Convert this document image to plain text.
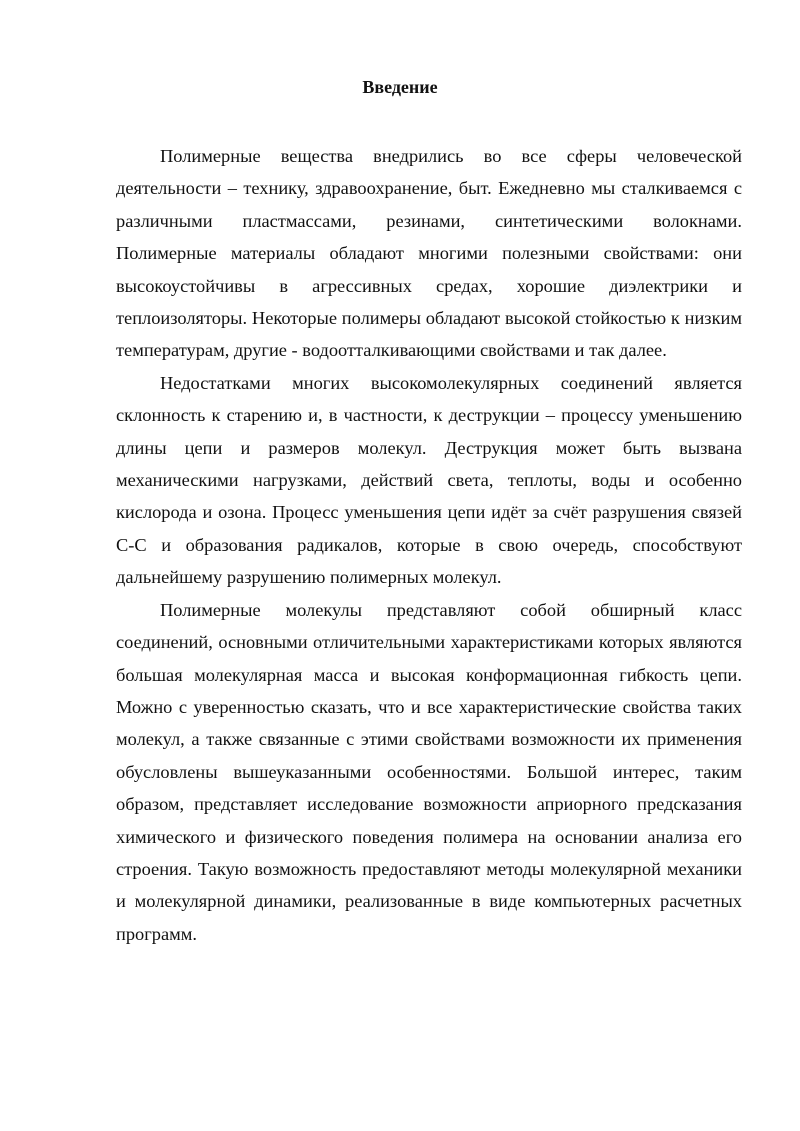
Введение

Полимерные вещества внедрились во все сферы человеческой деятельности – технику, здравоохранение, быт. Ежедневно мы сталкиваемся с различными пластмассами, резинами, синтетическими волокнами. Полимерные материалы обладают многими полезными свойствами: они высокоустойчивы в агрессивных средах, хорошие диэлектрики и теплоизоляторы. Некоторые полимеры обладают высокой стойкостью к низким температурам, другие - водоотталкивающими свойствами и так далее.

Недостатками многих высокомолекулярных соединений является склонность к старению и, в частности, к деструкции – процессу уменьшению длины цепи и размеров молекул. Деструкция может быть вызвана механическими нагрузками, действий света, теплоты, воды и особенно кислорода и озона. Процесс уменьшения цепи идёт за счёт разрушения связей С-С и образования радикалов, которые в свою очередь, способствуют дальнейшему разрушению полимерных молекул.

Полимерные молекулы представляют собой обширный класс соединений, основными отличительными характеристиками которых являются большая молекулярная масса и высокая конформационная гибкость цепи. Можно с уверенностью сказать, что и все характеристические свойства таких молекул, а также связанные с этими свойствами возможности их применения обусловлены вышеуказанными особенностями. Большой интерес, таким образом, представляет исследование возможности априорного предсказания химического и физического поведения полимера на основании анализа его строения. Такую возможность предоставляют методы молекулярной механики и молекулярной динамики, реализованные в виде компьютерных расчетных программ.
